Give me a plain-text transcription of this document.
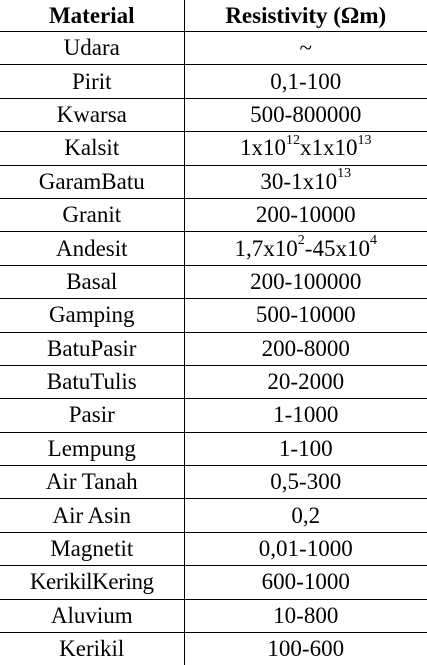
Material	Resistivity (Ωm)
Udara	~
Pirit	0,1-100
Kwarsa	500-800000
Kalsit	$1x10^{12}x1x10^{13}$
GaramBatu	$30-1x10^{13}$
Granit	200-10000
Andesit	$1,7x10^2-45x10^4$
Basal	200-100000
Gamping	500-10000
BatuPasir	200-8000
BatuTulis	20-2000
Pasir	1-1000
Lempung	1-100
Air Tanah	0,5-300
Air Asin	0,2
Magnetit	0,01-1000
KerikilKering	600-1000
Aluvium	10-800
Kerikil	100-600
